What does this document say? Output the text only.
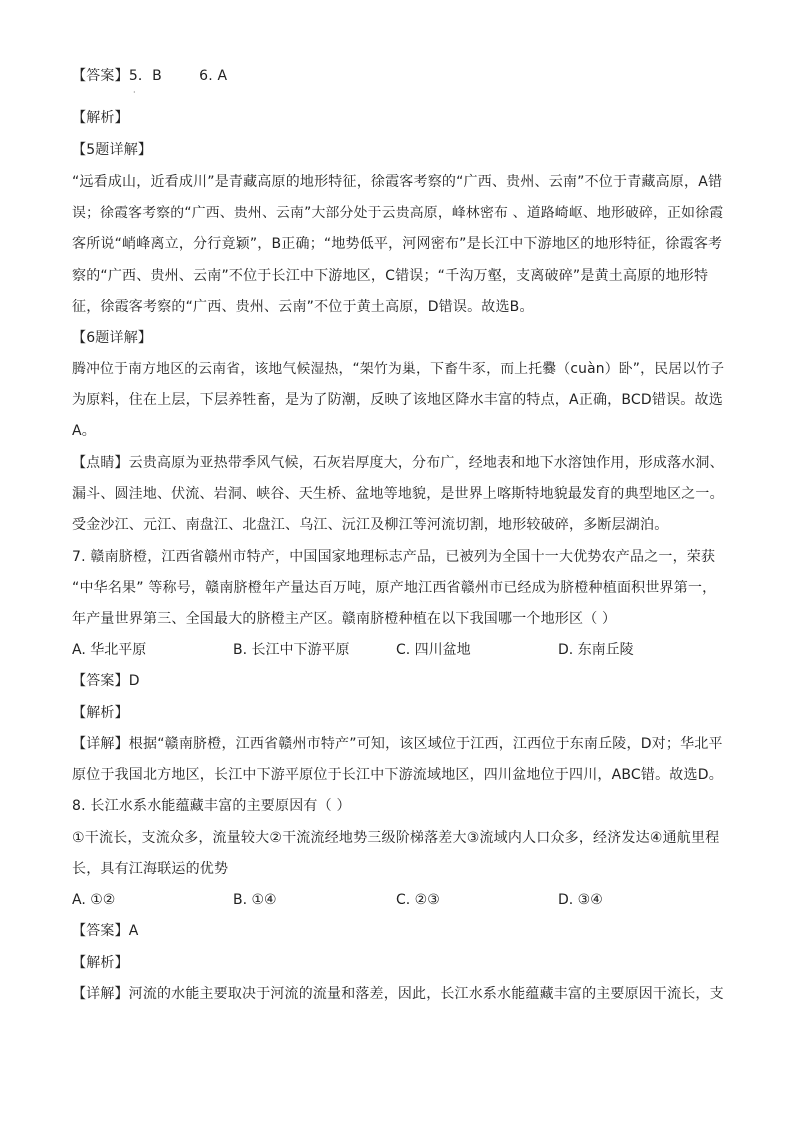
【答案】5．B        6. A
·
【解析】
【5题详解】
“远看成山，近看成川”是青藏高原的地形特征，徐霞客考察的“广西、贵州、云南”不位于青藏高原，A错
误；徐霞客考察的“广西、贵州、云南”大部分处于云贵高原，峰林密布 、道路崎岖、地形破碎，正如徐霞
客所说“峭峰离立，分行竟颖”，B正确；“地势低平，河网密布”是长江中下游地区的地形特征，徐霞客考
察的“广西、贵州、云南”不位于长江中下游地区，C错误；“千沟万壑，支离破碎”是黄土高原的地形特
征，徐霞客考察的“广西、贵州、云南”不位于黄土高原，D错误。故选B。
【6题详解】
腾冲位于南方地区的云南省，该地气候湿热，“架竹为巢，下畜牛豕，而上托爨（cuàn）卧”，民居以竹子
为原料，住在上层，下层养牲畜，是为了防潮，反映了该地区降水丰富的特点，A正确，BCD错误。故选
A。
【点睛】云贵高原为亚热带季风气候，石灰岩厚度大，分布广，经地表和地下水溶蚀作用，形成落水洞、
漏斗、圆洼地、伏流、岩洞、峡谷、天生桥、盆地等地貌，是世界上喀斯特地貌最发育的典型地区之一。
受金沙江、元江、南盘江、北盘江、乌江、沅江及柳江等河流切割，地形较破碎，多断层湖泊。
7. 赣南脐橙，江西省赣州市特产，中国国家地理标志产品，已被列为全国十一大优势农产品之一，荣获
“中华名果” 等称号，赣南脐橙年产量达百万吨，原产地江西省赣州市已经成为脐橙种植面积世界第一，
年产量世界第三、全国最大的脐橙主产区。赣南脐橙种植在以下我国哪一个地形区（ ）
A. 华北平原	B. 长江中下游平原	C. 四川盆地	D. 东南丘陵
【答案】D
【解析】
【详解】根据“赣南脐橙，江西省赣州市特产”可知，该区域位于江西，江西位于东南丘陵，D对；华北平
原位于我国北方地区，长江中下游平原位于长江中下游流域地区，四川盆地位于四川，ABC错。故选D。
8. 长江水系水能蕴藏丰富的主要原因有（ ）
①干流长，支流众多，流量较大②干流流经地势三级阶梯落差大③流域内人口众多，经济发达④通航里程
长，具有江海联运的优势
A. ①②	B. ①④	C. ②③	D. ③④
【答案】A
【解析】
【详解】河流的水能主要取决于河流的流量和落差，因此，长江水系水能蕴藏丰富的主要原因干流长，支
